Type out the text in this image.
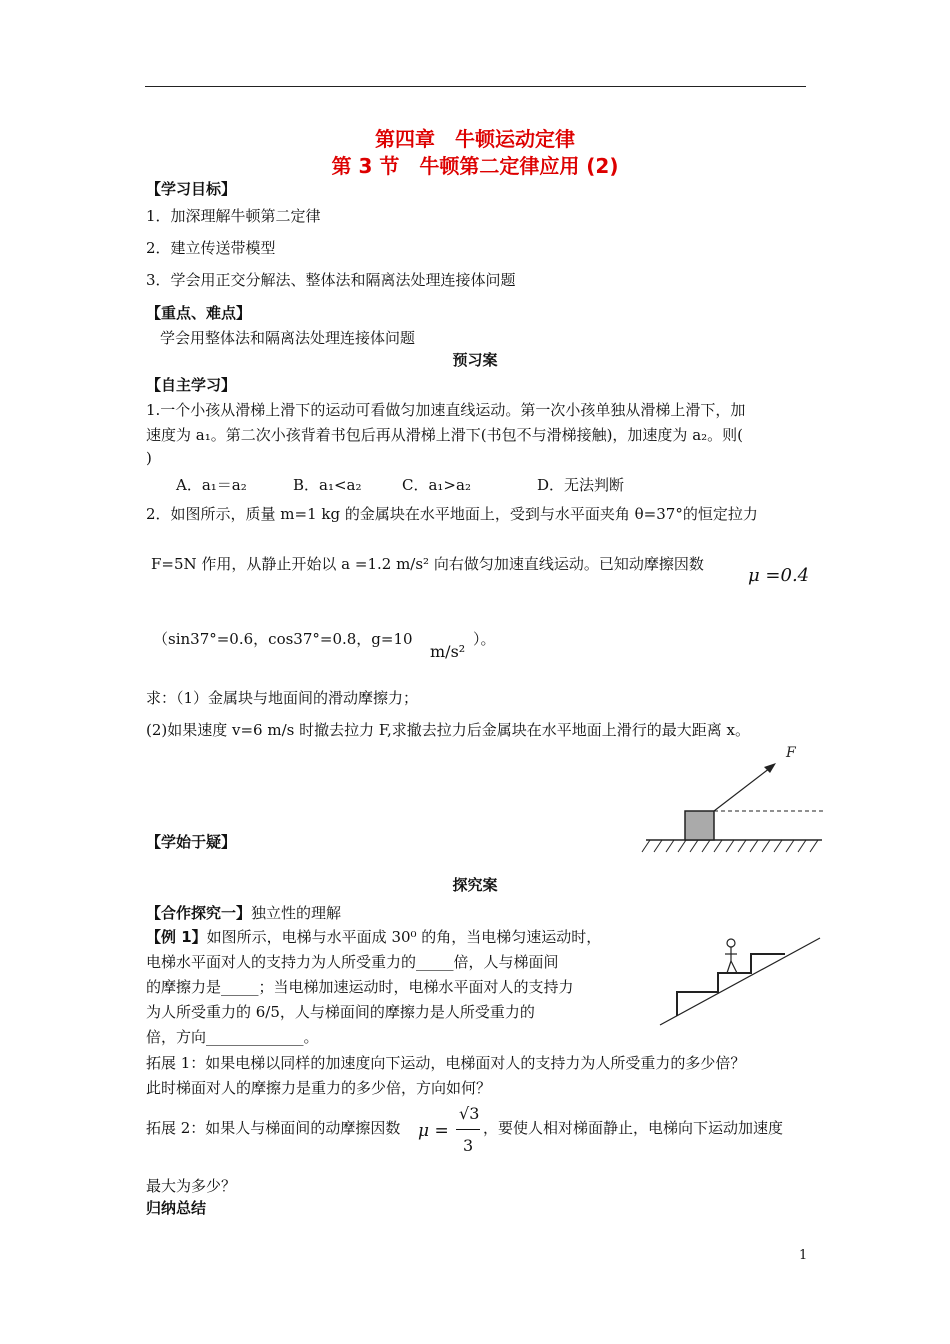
第四章　牛顿运动定律
第 3 节　牛顿第二定律应用 (2)
【学习目标】
1．加深理解牛顿第二定律
2．建立传送带模型
3．学会用正交分解法、整体法和隔离法处理连接体问题
【重点、难点】
学会用整体法和隔离法处理连接体问题
预习案
【自主学习】
1.一个小孩从滑梯上滑下的运动可看做匀加速直线运动。第一次小孩单独从滑梯上滑下，加
速度为 a₁。第二次小孩背着书包后再从滑梯上滑下(书包不与滑梯接触)，加速度为 a₂。则(
)
A．a₁＝a₂	B．a₁<a₂	C．a₁>a₂	D．无法判断
2．如图所示，质量 m=1 kg 的金属块在水平地面上，受到与水平面夹角 θ=37°的恒定拉力
F=5N 作用，从静止开始以 a =1.2 m/s² 向右做匀加速直线运动。已知动摩擦因数
μ =0.4
（sin37°=0.6，cos37°=0.8，g=10
m/s²
）。
求：（1）金属块与地面间的滑动摩擦力；
(2)如果速度 v=6 m/s 时撤去拉力 F,求撤去拉力后金属块在水平地面上滑行的最大距离 x。
F
【学始于疑】
探究案
【合作探究一】独立性的理解
【例 1】如图所示，电梯与水平面成 30⁰ 的角，当电梯匀速运动时，
电梯水平面对人的支持力为人所受重力的_____倍，人与梯面间
的摩擦力是_____；当电梯加速运动时，电梯水平面对人的支持力
为人所受重力的 6/5，人与梯面间的摩擦力是人所受重力的
倍，方向_____________。
拓展 1：如果电梯以同样的加速度向下运动，电梯面对人的支持力为人所受重力的多少倍？
此时梯面对人的摩擦力是重力的多少倍，方向如何？
拓展 2：如果人与梯面间的动摩擦因数 μ =
√3
3
，要使人相对梯面静止，电梯向下运动加速度
最大为多少？
归纳总结
1
